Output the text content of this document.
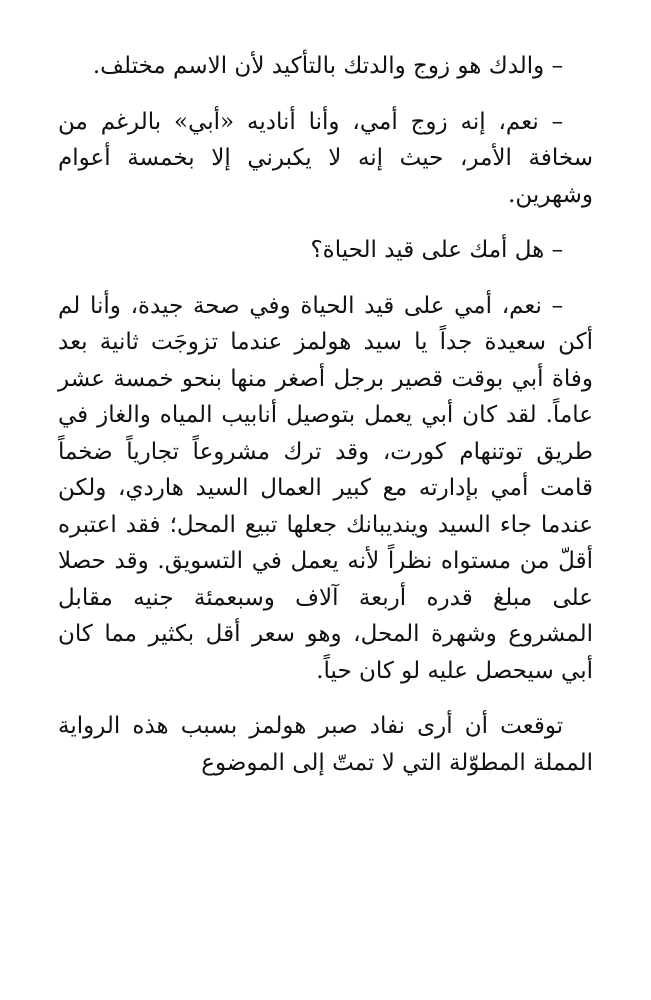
– والدك هو زوج والدتك بالتأكيد لأن الاسم مختلف.

– نعم، إنه زوج أمي، وأنا أناديه «أبي» بالرغم من سخافة الأمر، حيث إنه لا يكبرني إلا بخمسة أعوام وشهرين.

– هل أمك على قيد الحياة؟

– نعم، أمي على قيد الحياة وفي صحة جيدة، وأنا لم أكن سعيدة جداً يا سيد هولمز عندما تزوجَت ثانية بعد وفاة أبي بوقت قصير برجل أصغر منها بنحو خمسة عشر عاماً. لقد كان أبي يعمل بتوصيل أنابيب المياه والغاز في طريق توتنهام كورت، وقد ترك مشروعاً تجارياً ضخماً قامت أمي بإدارته مع كبير العمال السيد هاردي، ولكن عندما جاء السيد وينديبانك جعلها تبيع المحل؛ فقد اعتبره أقلّ من مستواه نظراً لأنه يعمل في التسويق. وقد حصلا على مبلغ قدره أربعة آلاف وسبعمئة جنيه مقابل المشروع وشهرة المحل، وهو سعر أقل بكثير مما كان أبي سيحصل عليه لو كان حياً.

توقعت أن أرى نفاد صبر هولمز بسبب هذه الرواية المملة المطوّلة التي لا تمتّ إلى الموضوع
